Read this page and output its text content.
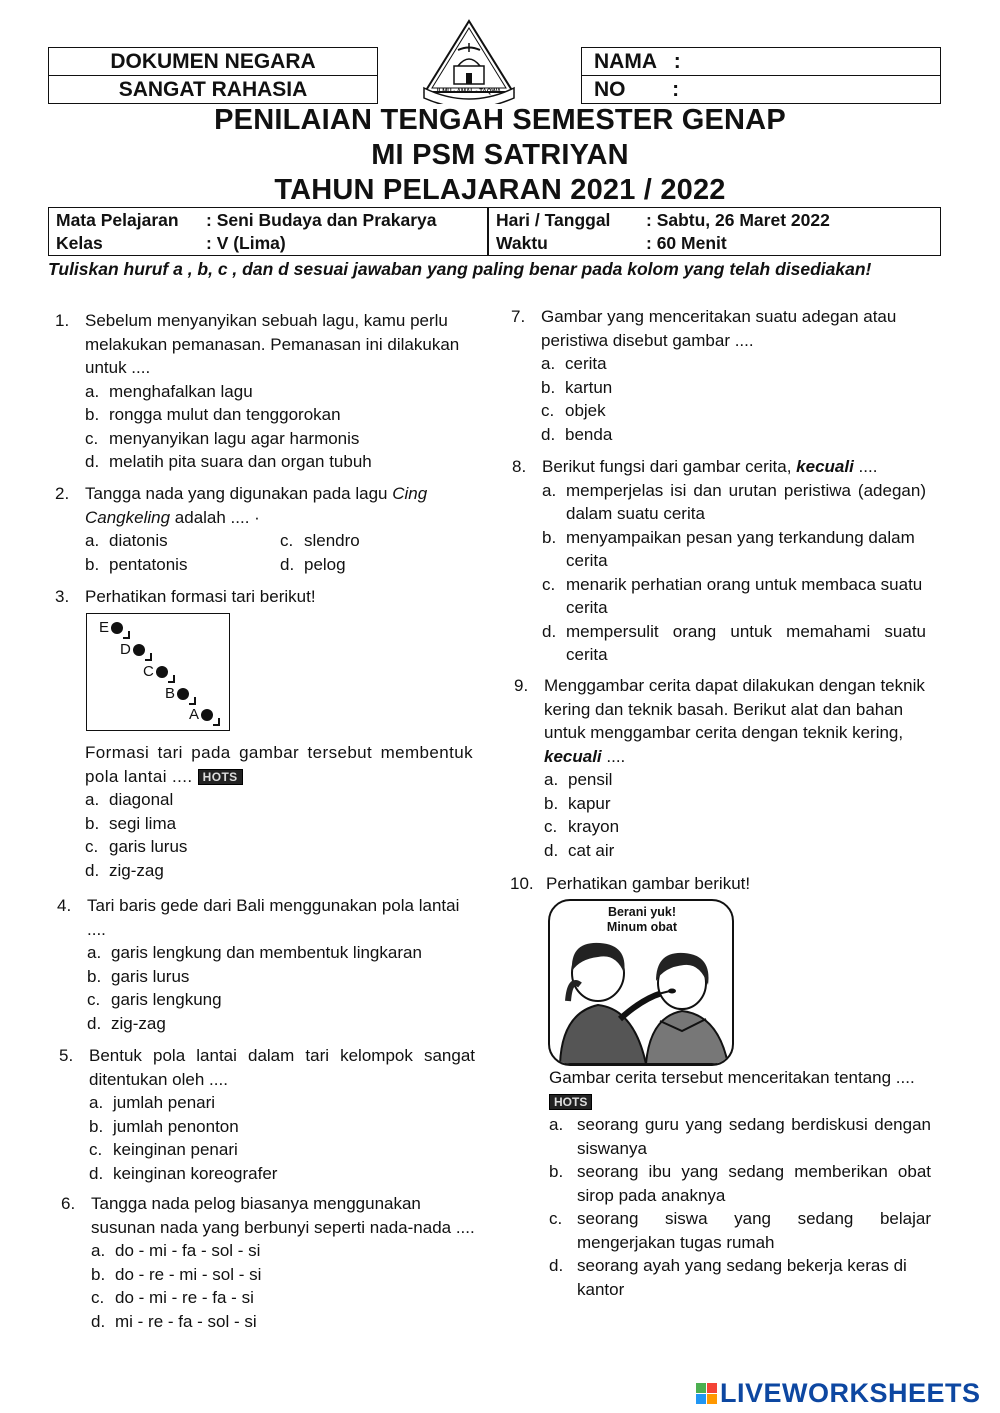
DOKUMEN NEGARA
SANGAT RAHASIA	ILMU - AMAL - TAQWA
NAMA   :
NO        :
PENILAIAN TENGAH SEMESTER GENAP
MI PSM SATRIYAN
TAHUN PELAJARAN 2021 / 2022
Mata Pelajaran : Seni Budaya dan Prakarya
Kelas	: V (Lima)
Hari / Tanggal : Sabtu, 26 Maret 2022
Waktu	: 60 Menit
Tuliskan huruf a , b, c , dan d sesuai jawaban yang paling benar pada kolom yang telah disediakan!
1. Sebelum menyanyikan sebuah lagu, kamu perlu melakukan pemanasan. Pemanasan ini dilakukan untuk ....
a. menghafalkan lagu
b. rongga mulut dan tenggorokan
c. menyanyikan lagu agar harmonis
d. melatih pita suara dan organ tubuh
2. Tangga nada yang digunakan pada lagu Cing Cangkeling adalah .... ·
a. diatonis	c. slendro
b. pentatonis	d. pelog
3. Perhatikan formasi tari berikut!
E
D
C
B
A
Formasi tari pada gambar tersebut membentuk pola lantai .... HOTS
a. diagonal
b. segi lima
c. garis lurus
d. zig-zag
4. Tari baris gede dari Bali menggunakan pola lantai ....
a. garis lengkung dan membentuk lingkaran
b. garis lurus
c. garis lengkung
d. zig-zag
5. Bentuk pola lantai dalam tari kelompok sangat ditentukan oleh ....
a. jumlah penari
b. jumlah penonton
c. keinginan penari
d. keinginan koreografer
6. Tangga nada pelog biasanya menggunakan susunan nada yang berbunyi seperti nada-nada ....
a. do - mi - fa - sol - si
b. do - re - mi - sol - si
c. do - mi - re - fa - si
d. mi - re - fa - sol - si
7. Gambar yang menceritakan suatu adegan atau peristiwa disebut gambar ....
a. cerita
b. kartun
c. objek
d. benda
8. Berikut fungsi dari gambar cerita, kecuali ....
a. memperjelas isi dan urutan peristiwa (adegan) dalam suatu cerita
b. menyampaikan pesan yang terkandung dalam cerita
c. menarik perhatian orang untuk membaca suatu cerita
d. mempersulit orang untuk memahami suatu cerita
9. Menggambar cerita dapat dilakukan dengan teknik kering dan teknik basah. Berikut alat dan bahan untuk menggambar cerita dengan teknik kering, kecuali ....
a. pensil
b. kapur
c. krayon
d. cat air
10. Perhatikan gambar berikut!
Berani yuk!
Minum obat
Gambar cerita tersebut menceritakan tentang .... HOTS
a. seorang guru yang sedang berdiskusi dengan siswanya
b. seorang ibu yang sedang memberikan obat sirop pada anaknya
c. seorang siswa yang sedang belajar mengerjakan tugas rumah
d. seorang ayah yang sedang bekerja keras di kantor
LIVEWORKSHEETS
